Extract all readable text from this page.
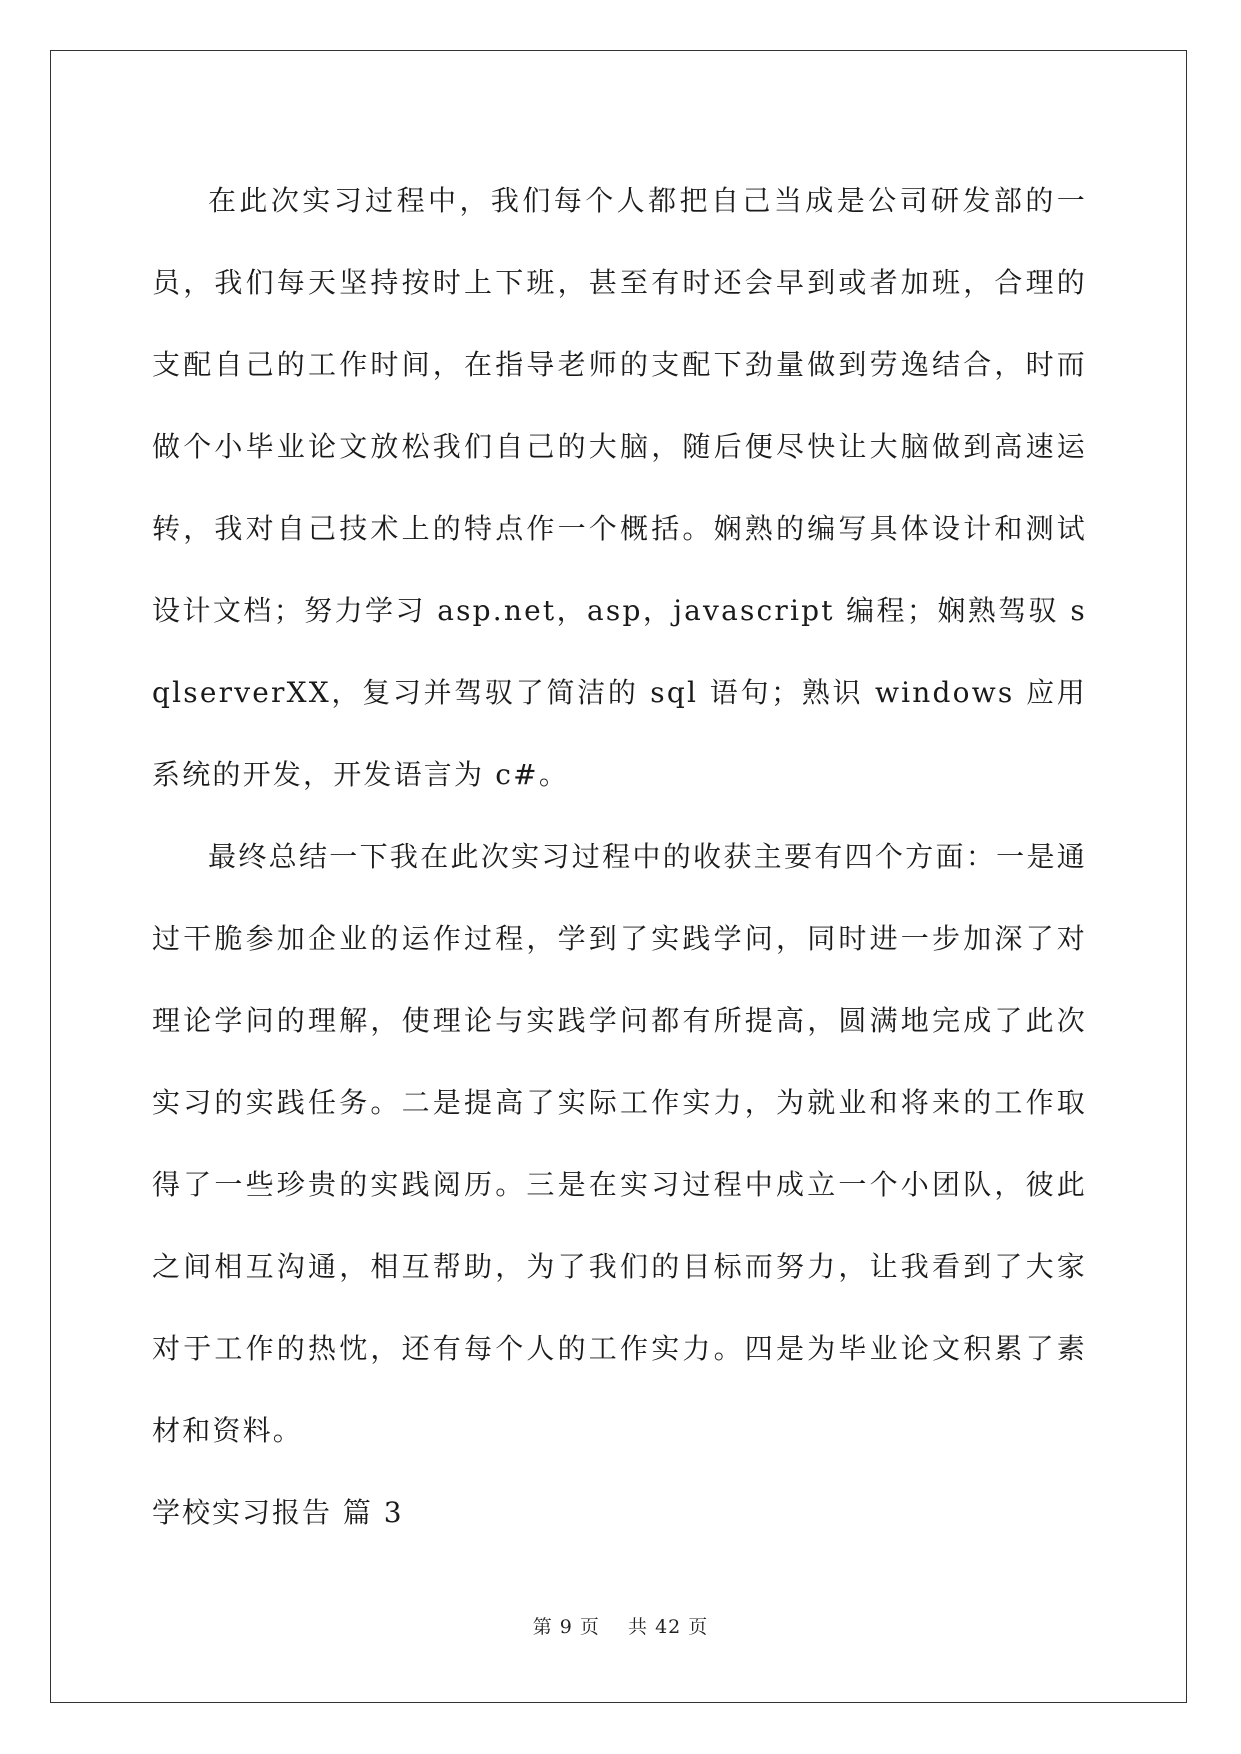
在此次实习过程中，我们每个人都把自己当成是公司研发部的一员，我们每天坚持按时上下班，甚至有时还会早到或者加班，合理的支配自己的工作时间，在指导老师的支配下劲量做到劳逸结合，时而做个小毕业论文放松我们自己的大脑，随后便尽快让大脑做到高速运转，我对自己技术上的特点作一个概括。娴熟的编写具体设计和测试设计文档；努力学习 asp.net，asp，javascript 编程；娴熟驾驭 sqlserverXX，复习并驾驭了简洁的 sql 语句；熟识 windows 应用系统的开发，开发语言为 c#。

最终总结一下我在此次实习过程中的收获主要有四个方面：一是通过干脆参加企业的运作过程，学到了实践学问，同时进一步加深了对理论学问的理解，使理论与实践学问都有所提高，圆满地完成了此次实习的实践任务。二是提高了实际工作实力，为就业和将来的工作取得了一些珍贵的实践阅历。三是在实习过程中成立一个小团队，彼此之间相互沟通，相互帮助，为了我们的目标而努力，让我看到了大家对于工作的热忱，还有每个人的工作实力。四是为毕业论文积累了素材和资料。

学校实习报告 篇 3

第 9 页    共 42 页
